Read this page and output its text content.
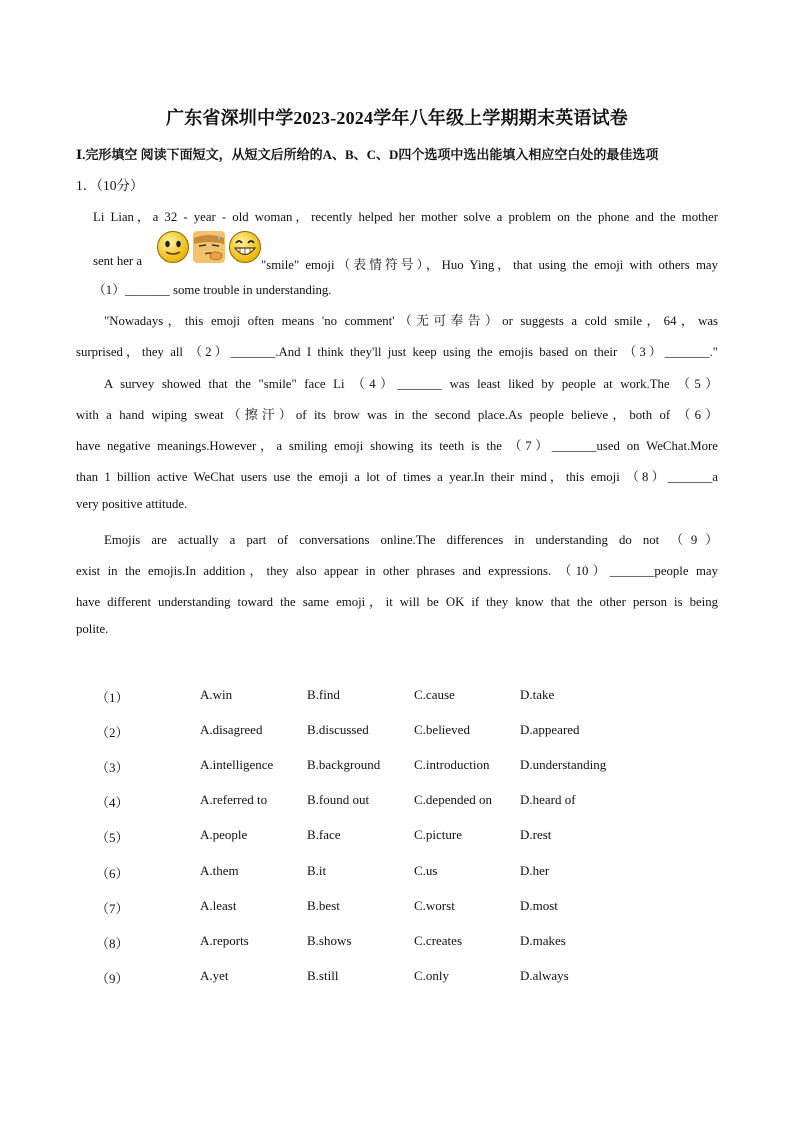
广东省深圳中学2023-2024学年八年级上学期期末英语试卷
Ⅰ.完形填空 阅读下面短文，从短文后所给的A、B、C、D四个选项中选出能填入相应空白处的最佳选项
1．（10分）
Li Lian，a 32 - year - old woman，recently helped her mother solve a problem on the phone and the mother
sent her a	"smile" emoji（表情符号），Huo Ying，that using the emoji with others may
（1）_______ some trouble in understanding.
"Nowadays，this emoji often means 'no comment'（无可奉告）or suggests a cold smile，64，was
surprised，they all （2）_______.And I think they'll just keep using the emojis based on their （3）_______."
A survey showed that the "smile" face Li （4）_______ was least liked by people at work.The （5）
with a hand wiping sweat（擦汗）of its brow was in the second place.As people believe，both of （6）
have negative meanings.However，a smiling emoji showing its teeth is the （7）_______used on WeChat.More
than 1 billion active WeChat users use the emoji a lot of times a year.In their mind，this emoji （8）_______a
very positive attitude.
Emojis are actually a part of conversations online.The differences in understanding do not （9）
exist in the emojis.In addition，they also appear in other phrases and expressions. （10）_______people may
have different understanding toward the same emoji，it will be OK if they know that the other person is being
polite.
（1）	A.win	B.find	C.cause	D.take
（2）	A.disagreed	B.discussed	C.believed	D.appeared
（3）	A.intelligence	B.background	C.introduction D.understanding
（4）	A.referred to	B.found out	C.depended on D.heard of
（5）	A.people	B.face	C.picture	D.rest
（6）	A.them	B.it	C.us	D.her
（7）	A.least	B.best	C.worst	D.most
（8）	A.reports	B.shows	C.creates	D.makes
（9）	A.yet	B.still	C.only	D.always
